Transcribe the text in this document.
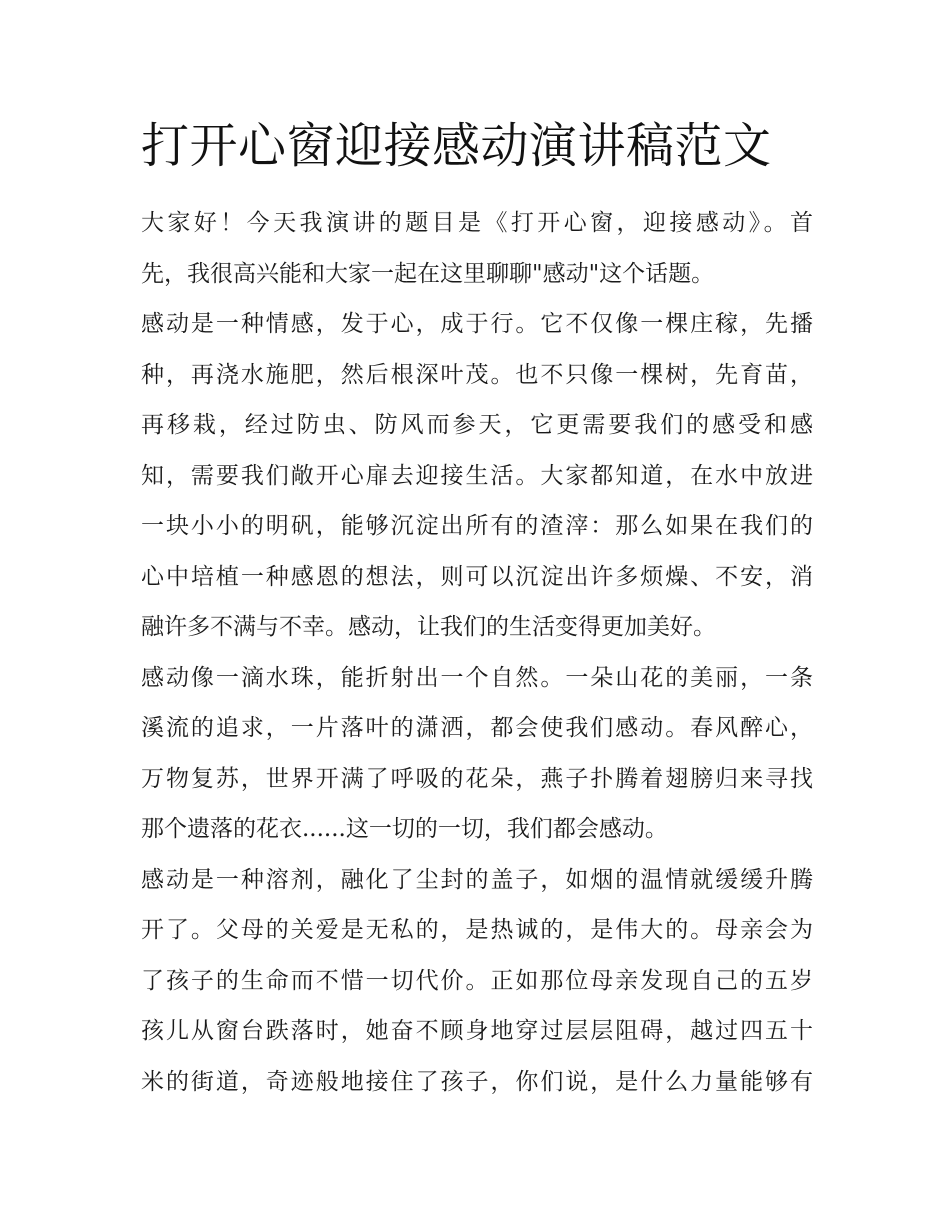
打开心窗迎接感动演讲稿范文

大家好！今天我演讲的题目是《打开心窗，迎接感动》。首
先，我很高兴能和大家一起在这里聊聊"感动"这个话题。

感动是一种情感，发于心，成于行。它不仅像一棵庄稼，先播
种，再浇水施肥，然后根深叶茂。也不只像一棵树，先育苗，
再移栽，经过防虫、防风而参天，它更需要我们的感受和感
知，需要我们敞开心扉去迎接生活。大家都知道，在水中放进
一块小小的明矾，能够沉淀出所有的渣滓：那么如果在我们的
心中培植一种感恩的想法，则可以沉淀出许多烦燥、不安，消
融许多不满与不幸。感动，让我们的生活变得更加美好。

感动像一滴水珠，能折射出一个自然。一朵山花的美丽，一条
溪流的追求，一片落叶的潇洒，都会使我们感动。春风醉心，
万物复苏，世界开满了呼吸的花朵，燕子扑腾着翅膀归来寻找
那个遗落的花衣......这一切的一切，我们都会感动。

感动是一种溶剂，融化了尘封的盖子，如烟的温情就缓缓升腾
开了。父母的关爱是无私的，是热诚的，是伟大的。母亲会为
了孩子的生命而不惜一切代价。正如那位母亲发现自己的五岁
孩儿从窗台跌落时，她奋不顾身地穿过层层阻碍，越过四五十
米的街道，奇迹般地接住了孩子，你们说，是什么力量能够有
